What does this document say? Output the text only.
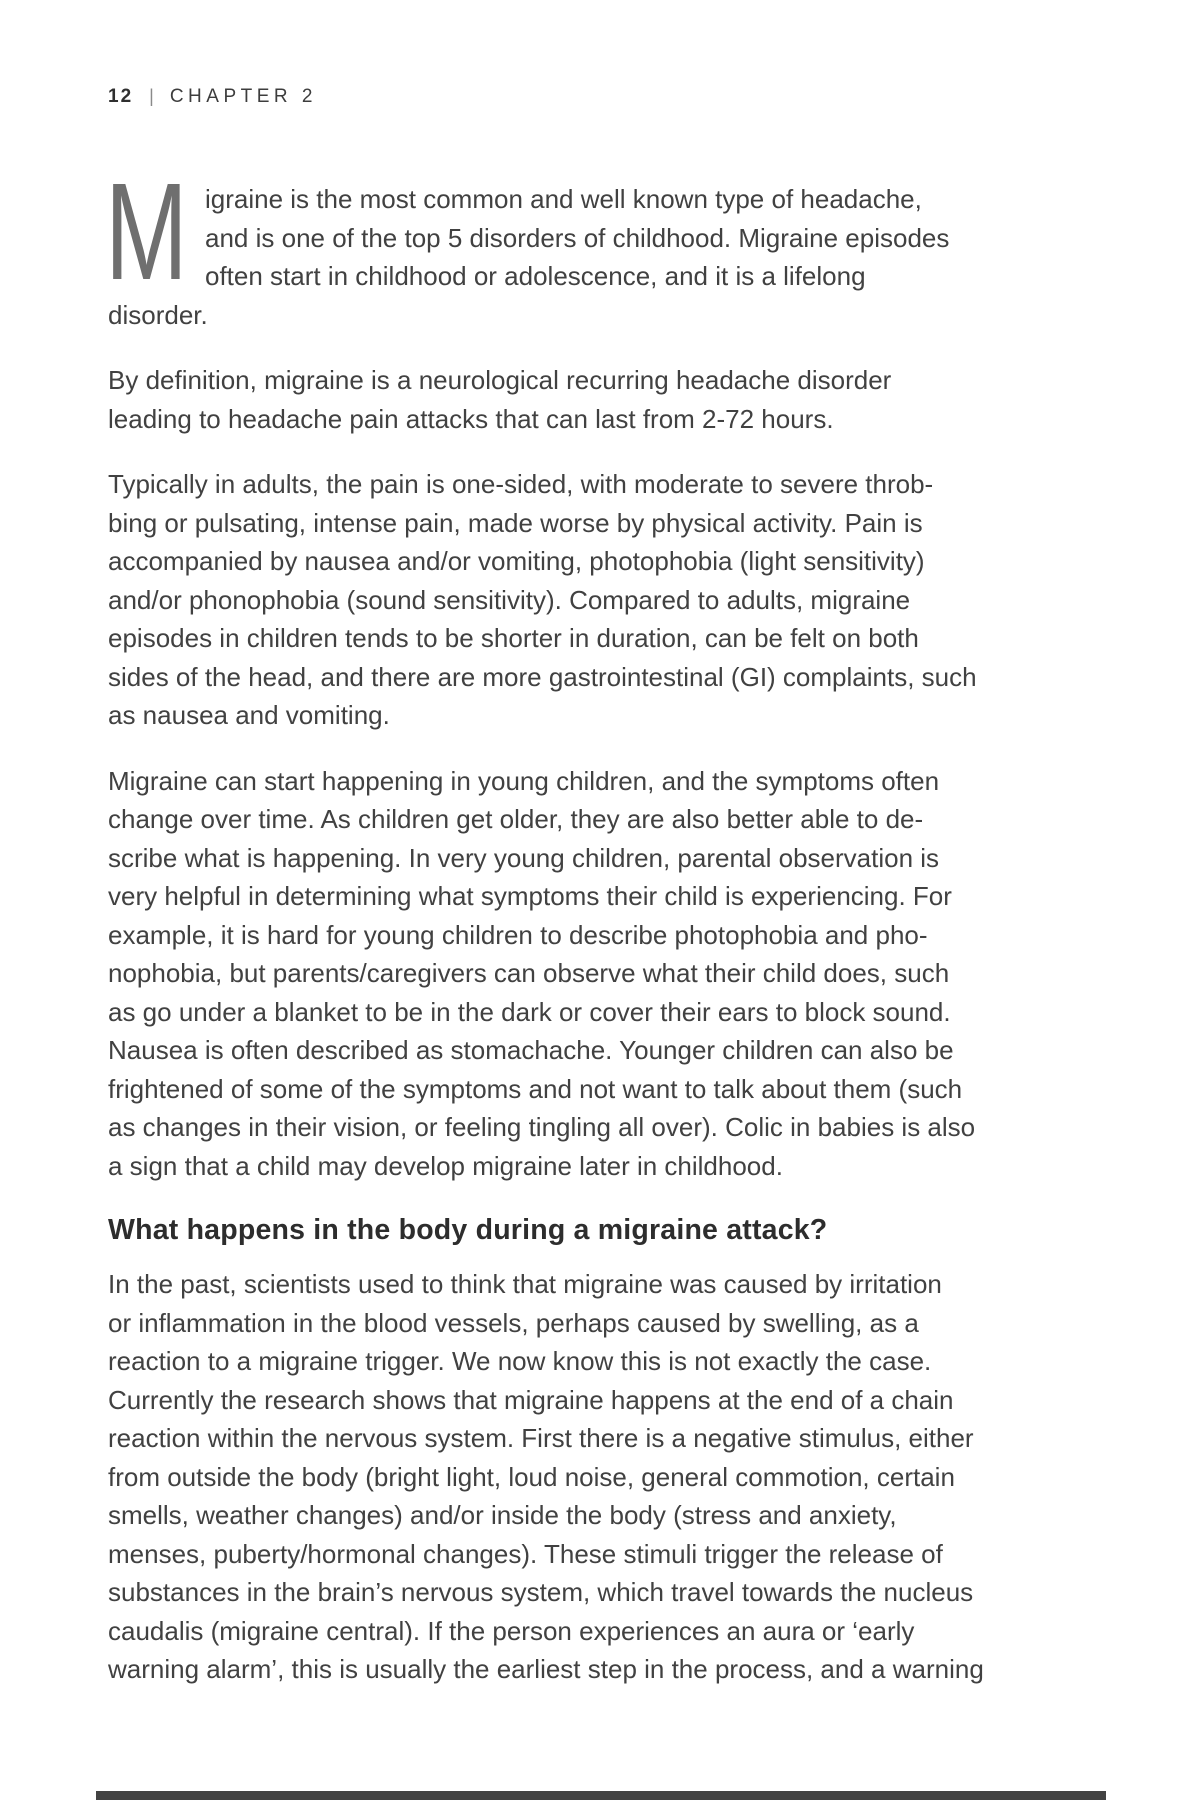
12 | CHAPTER 2
M igraine is the most common and well known type of headache,
and is one of the top 5 disorders of childhood. Migraine episodes
often start in childhood or adolescence, and it is a lifelong
disorder.
By definition, migraine is a neurological recurring headache disorder
leading to headache pain attacks that can last from 2-72 hours.
Typically in adults, the pain is one-sided, with moderate to severe throb-
bing or pulsating, intense pain, made worse by physical activity. Pain is
accompanied by nausea and/or vomiting, photophobia (light sensitivity)
and/or phonophobia (sound sensitivity). Compared to adults, migraine
episodes in children tends to be shorter in duration, can be felt on both
sides of the head, and there are more gastrointestinal (GI) complaints, such
as nausea and vomiting.
Migraine can start happening in young children, and the symptoms often
change over time. As children get older, they are also better able to de-
scribe what is happening. In very young children, parental observation is
very helpful in determining what symptoms their child is experiencing. For
example, it is hard for young children to describe photophobia and pho-
nophobia, but parents/caregivers can observe what their child does, such
as go under a blanket to be in the dark or cover their ears to block sound.
Nausea is often described as stomachache. Younger children can also be
frightened of some of the symptoms and not want to talk about them (such
as changes in their vision, or feeling tingling all over). Colic in babies is also
a sign that a child may develop migraine later in childhood.
What happens in the body during a migraine attack?
In the past, scientists used to think that migraine was caused by irritation
or inflammation in the blood vessels, perhaps caused by swelling, as a
reaction to a migraine trigger. We now know this is not exactly the case.
Currently the research shows that migraine happens at the end of a chain
reaction within the nervous system. First there is a negative stimulus, either
from outside the body (bright light, loud noise, general commotion, certain
smells, weather changes) and/or inside the body (stress and anxiety,
menses, puberty/hormonal changes). These stimuli trigger the release of
substances in the brain’s nervous system, which travel towards the nucleus
caudalis (migraine central). If the person experiences an aura or ‘early
warning alarm’, this is usually the earliest step in the process, and a warning
